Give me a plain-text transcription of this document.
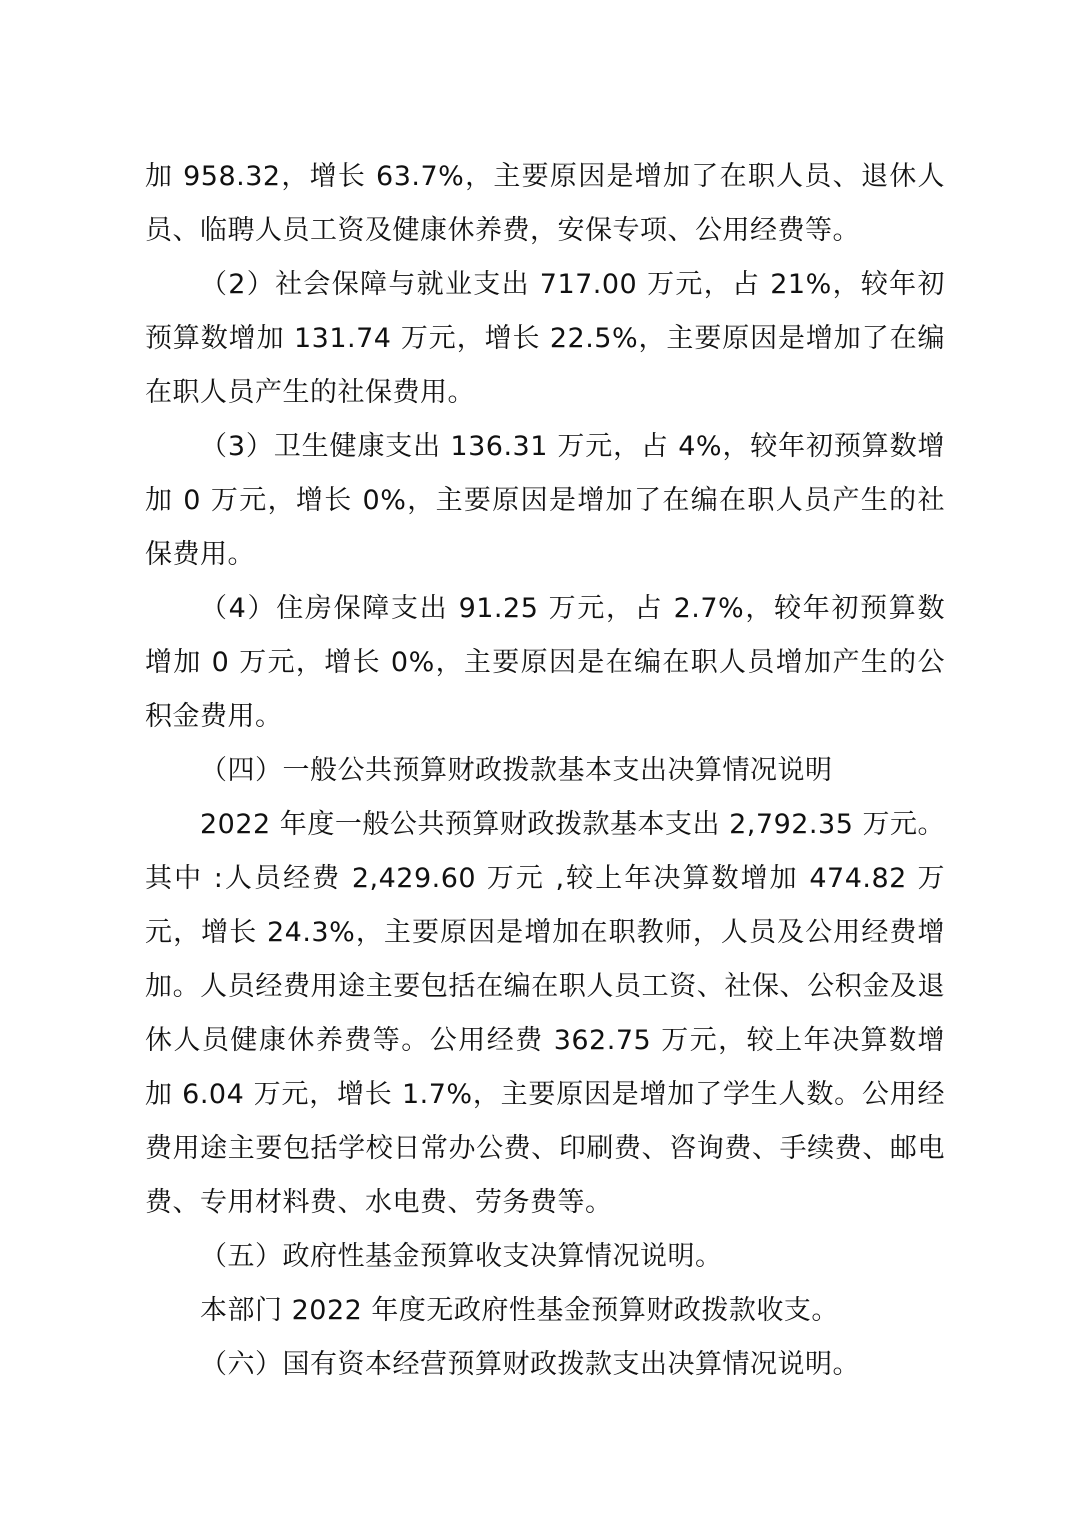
加 958.32，增长 63.7%，主要原因是增加了在职人员、退休人员、临聘人员工资及健康休养费，安保专项、公用经费等。

（2）社会保障与就业支出 717.00 万元，占 21%，较年初预算数增加 131.74 万元，增长 22.5%，主要原因是增加了在编在职人员产生的社保费用。

（3）卫生健康支出 136.31 万元，占 4%，较年初预算数增加 0 万元，增长 0%，主要原因是增加了在编在职人员产生的社保费用。

（4）住房保障支出 91.25 万元，占 2.7%，较年初预算数增加 0 万元，增长 0%，主要原因是在编在职人员增加产生的公积金费用。

（四）一般公共预算财政拨款基本支出决算情况说明

2022 年度一般公共预算财政拨款基本支出 2,792.35 万元。其中 :人员经费 2,429.60 万元 ,较上年决算数增加 474.82 万元，增长 24.3%，主要原因是增加在职教师，人员及公用经费增加。人员经费用途主要包括在编在职人员工资、社保、公积金及退休人员健康休养费等。公用经费 362.75 万元，较上年决算数增加 6.04 万元，增长 1.7%，主要原因是增加了学生人数。公用经费用途主要包括学校日常办公费、印刷费、咨询费、手续费、邮电费、专用材料费、水电费、劳务费等。

（五）政府性基金预算收支决算情况说明。

本部门 2022 年度无政府性基金预算财政拨款收支。

（六）国有资本经营预算财政拨款支出决算情况说明。
